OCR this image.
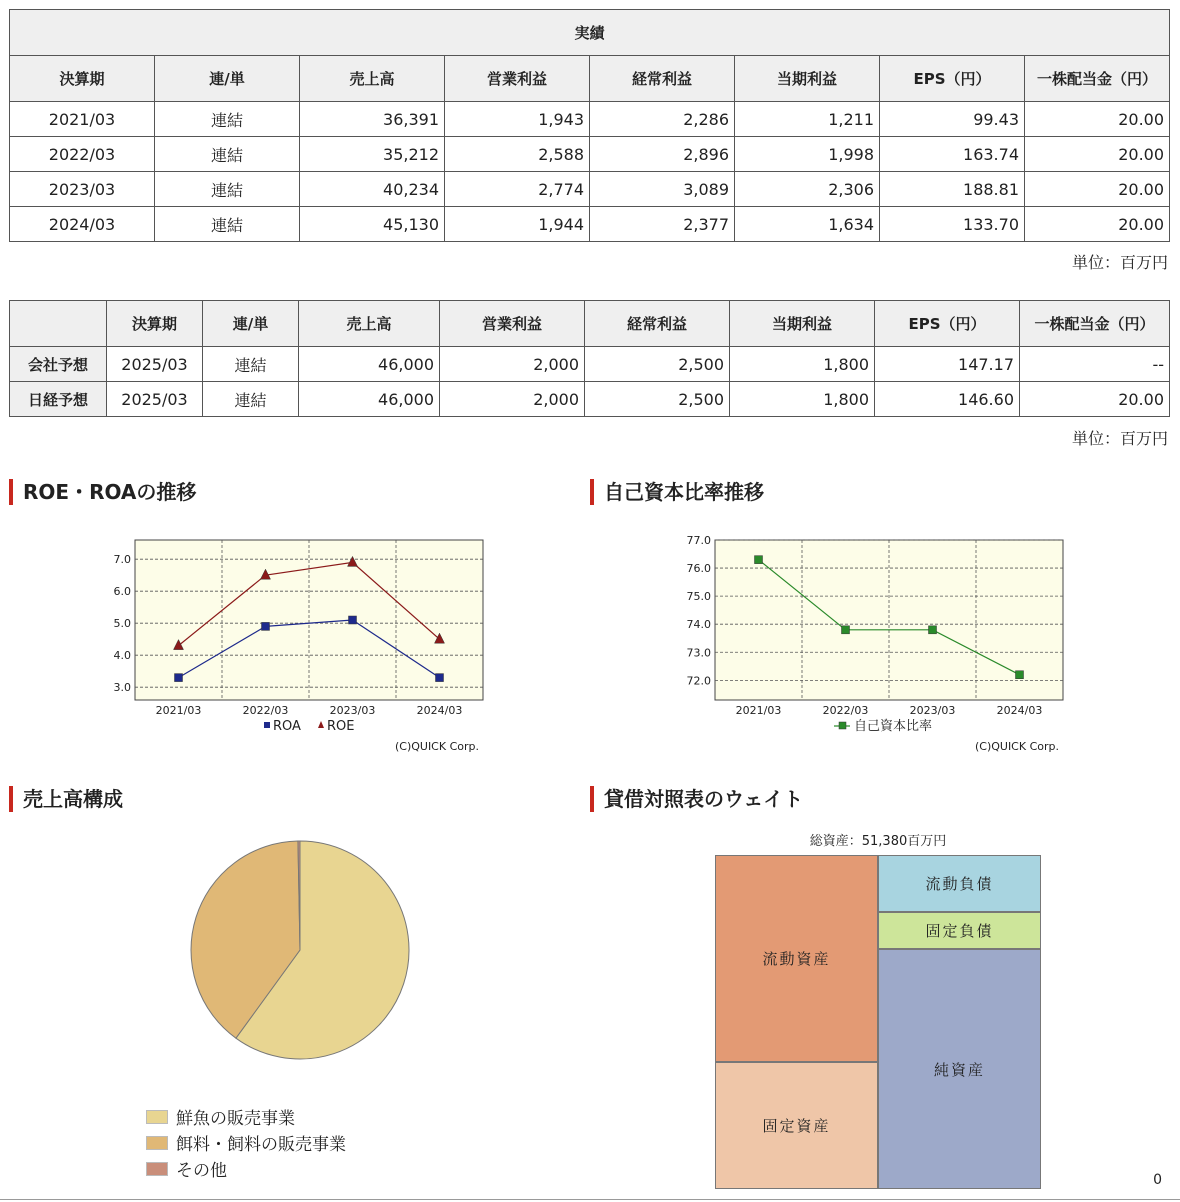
実績							
決算期	連/単	売上高	営業利益	経常利益	当期利益	EPS（円）	一株配当金（円）
2021/03	連結	36,391	1,943	2,286	1,211	99.43	20.00
2022/03	連結	35,212	2,588	2,896	1,998	163.74	20.00
2023/03	連結	40,234	2,774	3,089	2,306	188.81	20.00
2024/03	連結	45,130	1,944	2,377	1,634	133.70	20.00
単位：百万円
	決算期	連/単	売上高	営業利益	経常利益	当期利益	EPS（円）	一株配当金（円）
会社予想	2025/03	連結	46,000	2,000	2,500	1,800	147.17	--
日経予想	2025/03	連結	46,000	2,000	2,500	1,800	146.60	20.00
単位：百万円
ROE・ROAの推移	自己資本比率推移
売上高構成	貸借対照表のウェイト
3.0
4.0
5.0
6.0
7.0
2021/03	2022/03	2023/03	2024/03
ROA ROE
(C)QUICK Corp.
72.0
73.0
74.0
75.0
76.0
77.0
2021/03	2022/03	2023/03	2024/03
自己資本比率
(C)QUICK Corp.
鮮魚の販売事業
餌料・飼料の販売事業
その他
総資産：51,380百万円
流動資産
固定資産
流動負債
固定負債
純資産
0
